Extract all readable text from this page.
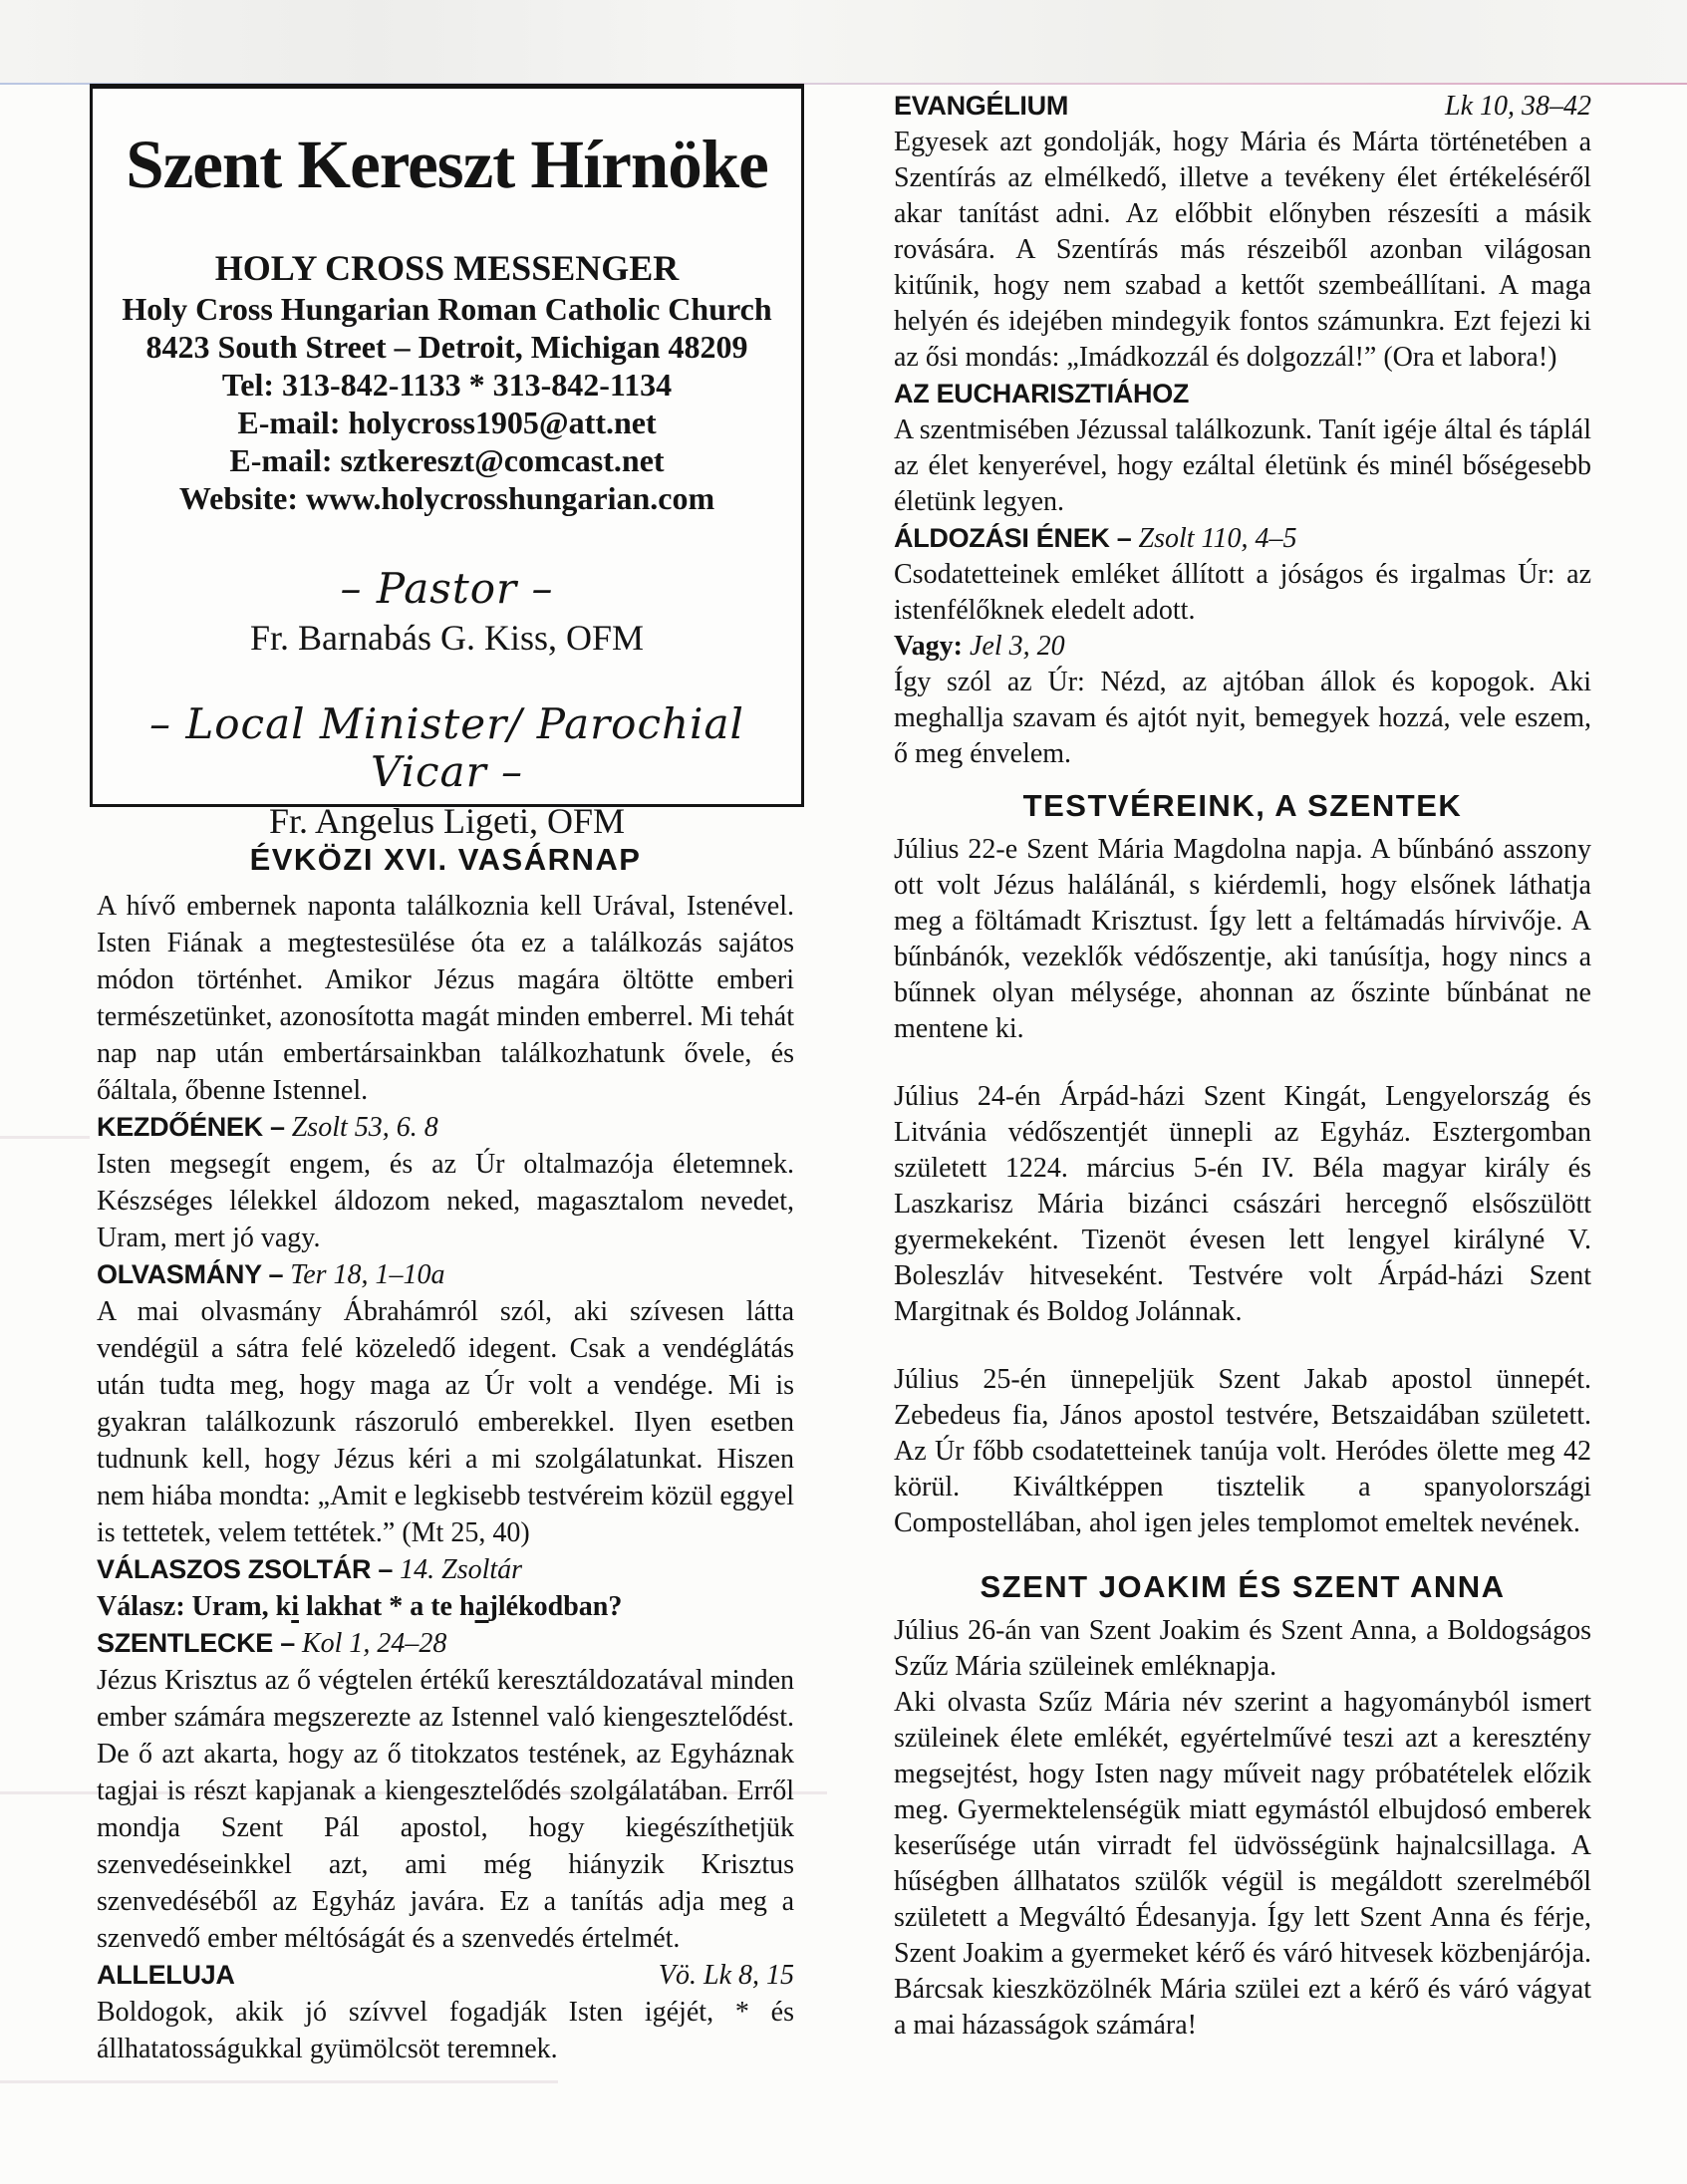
Szent Kereszt Hírnöke
HOLY CROSS MESSENGER
Holy Cross Hungarian Roman Catholic Church
8423 South Street – Detroit, Michigan 48209
Tel: 313-842-1133 * 313-842-1134
E-mail: holycross1905@att.net
E-mail: sztkereszt@comcast.net
Website: www.holycrosshungarian.com
– Pastor –
Fr. Barnabás G. Kiss, OFM
– Local Minister/ Parochial Vicar –
Fr. Angelus Ligeti, OFM
ÉVKÖZI XVI. VASÁRNAP

A hívő embernek naponta találkoznia kell Urával, Istenével. Isten Fiának a megtestesülése óta ez a találkozás sajátos módon történhet. Amikor Jézus magára öltötte emberi természetünket, azonosította magát minden emberrel. Mi tehát nap nap után embertársainkban találkozhatunk ővele, és őáltala, őbenne Istennel.

KEZDŐÉNEK – Zsolt 53, 6. 8

Isten megsegít engem, és az Úr oltalmazója életemnek. Készséges lélekkel áldozom neked, magasztalom nevedet, Uram, mert jó vagy.

OLVASMÁNY – Ter 18, 1–10a

A mai olvasmány Ábrahámról szól, aki szívesen látta vendégül a sátra felé közeledő idegent. Csak a vendéglátás után tudta meg, hogy maga az Úr volt a vendége. Mi is gyakran találkozunk rászoruló emberekkel. Ilyen esetben tudnunk kell, hogy Jézus kéri a mi szolgálatunkat. Hiszen nem hiába mondta: „Amit e legkisebb testvéreim közül eggyel is tettetek, velem tettétek.” (Mt 25, 40)

VÁLASZOS ZSOLTÁR – 14. Zsoltár
Válasz: Uram, ki lakhat * a te hajlékodban?
SZENTLECKE – Kol 1, 24–28

Jézus Krisztus az ő végtelen értékű keresztáldozatával minden ember számára megszerezte az Istennel való kiengesztelődést. De ő azt akarta, hogy az ő titokzatos testének, az Egyháznak tagjai is részt kapjanak a kiengesztelődés szolgálatában. Erről mondja Szent Pál apostol, hogy kiegészíthetjük szenvedéseinkkel azt, ami még hiányzik Krisztus szenvedéséből az Egyház javára. Ez a tanítás adja meg a szenvedő ember méltóságát és a szenvedés értelmét.

ALLELUJA	Vö. Lk 8, 15

Boldogok, akik jó szívvel fogadják Isten igéjét, * és állhatatosságukkal gyümölcsöt teremnek.

EVANGÉLIUM	Lk 10, 38–42

Egyesek azt gondolják, hogy Mária és Márta történetében a Szentírás az elmélkedő, illetve a tevékeny élet értékeléséről akar tanítást adni. Az előbbit előnyben részesíti a másik rovására. A Szentírás más részeiből azonban világosan kitűnik, hogy nem szabad a kettőt szembeállítani. A maga helyén és idejében mindegyik fontos számunkra. Ezt fejezi ki az ősi mondás: „Imádkozzál és dolgozzál!” (Ora et labora!)

AZ EUCHARISZTIÁHOZ

A szentmisében Jézussal találkozunk. Tanít igéje által és táplál az élet kenyerével, hogy ezáltal életünk és minél bőségesebb életünk legyen.

ÁLDOZÁSI ÉNEK – Zsolt 110, 4–5

Csodatetteinek emléket állított a jóságos és irgalmas Úr: az istenfélőknek eledelt adott.

Vagy: Jel 3, 20

Így szól az Úr: Nézd, az ajtóban állok és kopogok. Aki meghallja szavam és ajtót nyit, bemegyek hozzá, vele eszem, ő meg énvelem.

TESTVÉREINK, A SZENTEK

Július 22-e Szent Mária Magdolna napja. A bűnbánó asszony ott volt Jézus halálánál, s kiérdemli, hogy elsőnek láthatja meg a föltámadt Krisztust. Így lett a feltámadás hírvivője. A bűnbánók, vezeklők védőszentje, aki tanúsítja, hogy nincs a bűnnek olyan mélysége, ahonnan az őszinte bűnbánat ne mentene ki.

Július 24-én Árpád-házi Szent Kingát, Lengyelország és Litvánia védőszentjét ünnepli az Egyház. Esztergomban született 1224. március 5-én IV. Béla magyar király és Laszkarisz Mária bizánci császári hercegnő elsőszülött gyermekeként. Tizenöt évesen lett lengyel királyné V. Boleszláv hitveseként. Testvére volt Árpád-házi Szent Margitnak és Boldog Jolánnak.

Július 25-én ünnepeljük Szent Jakab apostol ünnepét. Zebedeus fia, János apostol testvére, Betszaidában született. Az Úr főbb csodatetteinek tanúja volt. Heródes ölette meg 42 körül. Kiváltképpen tisztelik a spanyolországi Compostellában, ahol igen jeles templomot emeltek nevének.

SZENT JOAKIM ÉS SZENT ANNA

Július 26-án van Szent Joakim és Szent Anna, a Boldogságos Szűz Mária szüleinek emléknapja.

Aki olvasta Szűz Mária név szerint a hagyományból ismert szüleinek élete emlékét, egyértelművé teszi azt a keresztény megsejtést, hogy Isten nagy műveit nagy próbatételek előzik meg. Gyermektelenségük miatt egymástól elbujdosó emberek keserűsége után virradt fel üdvösségünk hajnalcsillaga. A hűségben állhatatos szülők végül is megáldott szerelméből született a Megváltó Édesanyja. Így lett Szent Anna és férje, Szent Joakim a gyermeket kérő és váró hitvesek közbenjárója. Bárcsak kieszközölnék Mária szülei ezt a kérő és váró vágyat a mai házasságok számára!
